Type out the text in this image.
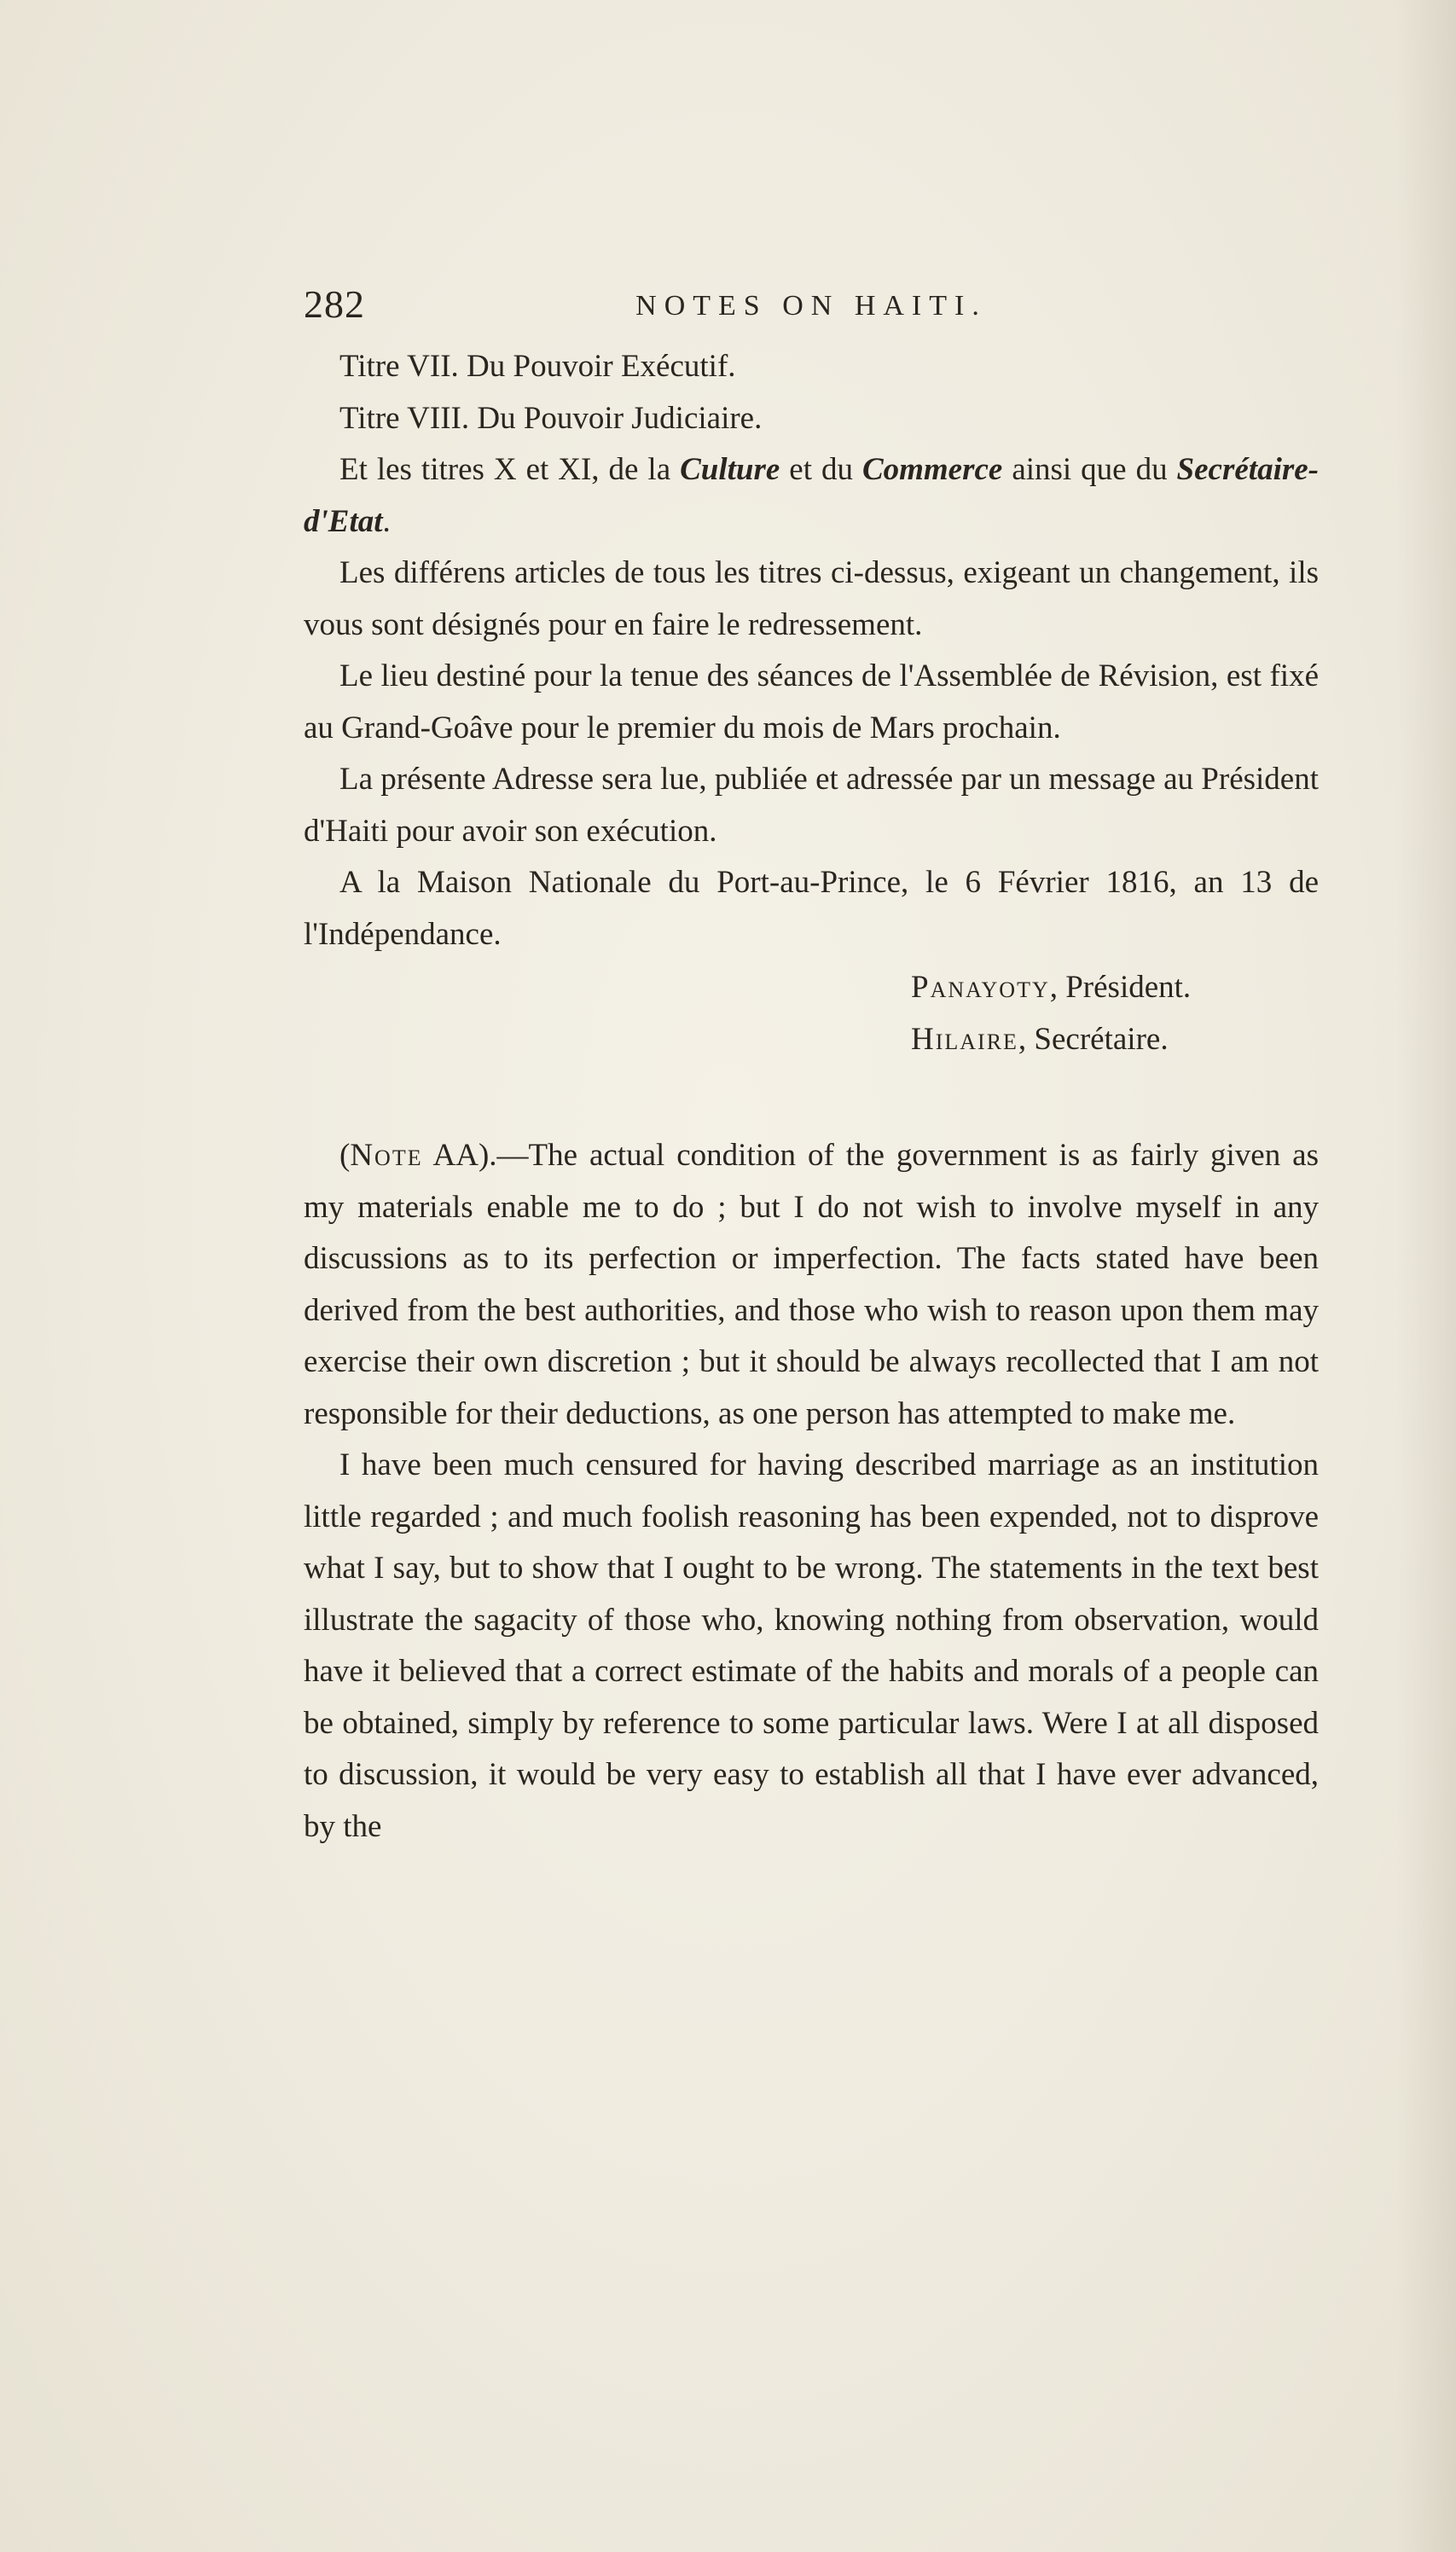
282	NOTES ON HAITI.

Titre VII. Du Pouvoir Exécutif.

Titre VIII. Du Pouvoir Judiciaire.

Et les titres X et XI, de la Culture et du Commerce ainsi que du Secrétaire-d'Etat.

Les différens articles de tous les titres ci-dessus, exigeant un changement, ils vous sont désignés pour en faire le redressement.

Le lieu destiné pour la tenue des séances de l'Assemblée de Révision, est fixé au Grand-Goâve pour le premier du mois de Mars prochain.

La présente Adresse sera lue, publiée et adressée par un message au Président d'Haiti pour avoir son exécution.

A la Maison Nationale du Port-au-Prince, le 6 Février 1816, an 13 de l'Indépendance.

Panayoty, Président.
Hilaire, Secrétaire.

(Note AA).—The actual condition of the government is as fairly given as my materials enable me to do ; but I do not wish to involve myself in any discussions as to its perfection or imperfection. The facts stated have been derived from the best authorities, and those who wish to reason upon them may exercise their own discretion ; but it should be always recollected that I am not responsible for their deductions, as one person has attempted to make me.

I have been much censured for having described marriage as an institution little regarded ; and much foolish reasoning has been expended, not to disprove what I say, but to show that I ought to be wrong. The statements in the text best illustrate the sagacity of those who, knowing nothing from observation, would have it believed that a correct estimate of the habits and morals of a people can be obtained, simply by reference to some particular laws. Were I at all disposed to discussion, it would be very easy to establish all that I have ever advanced, by the
